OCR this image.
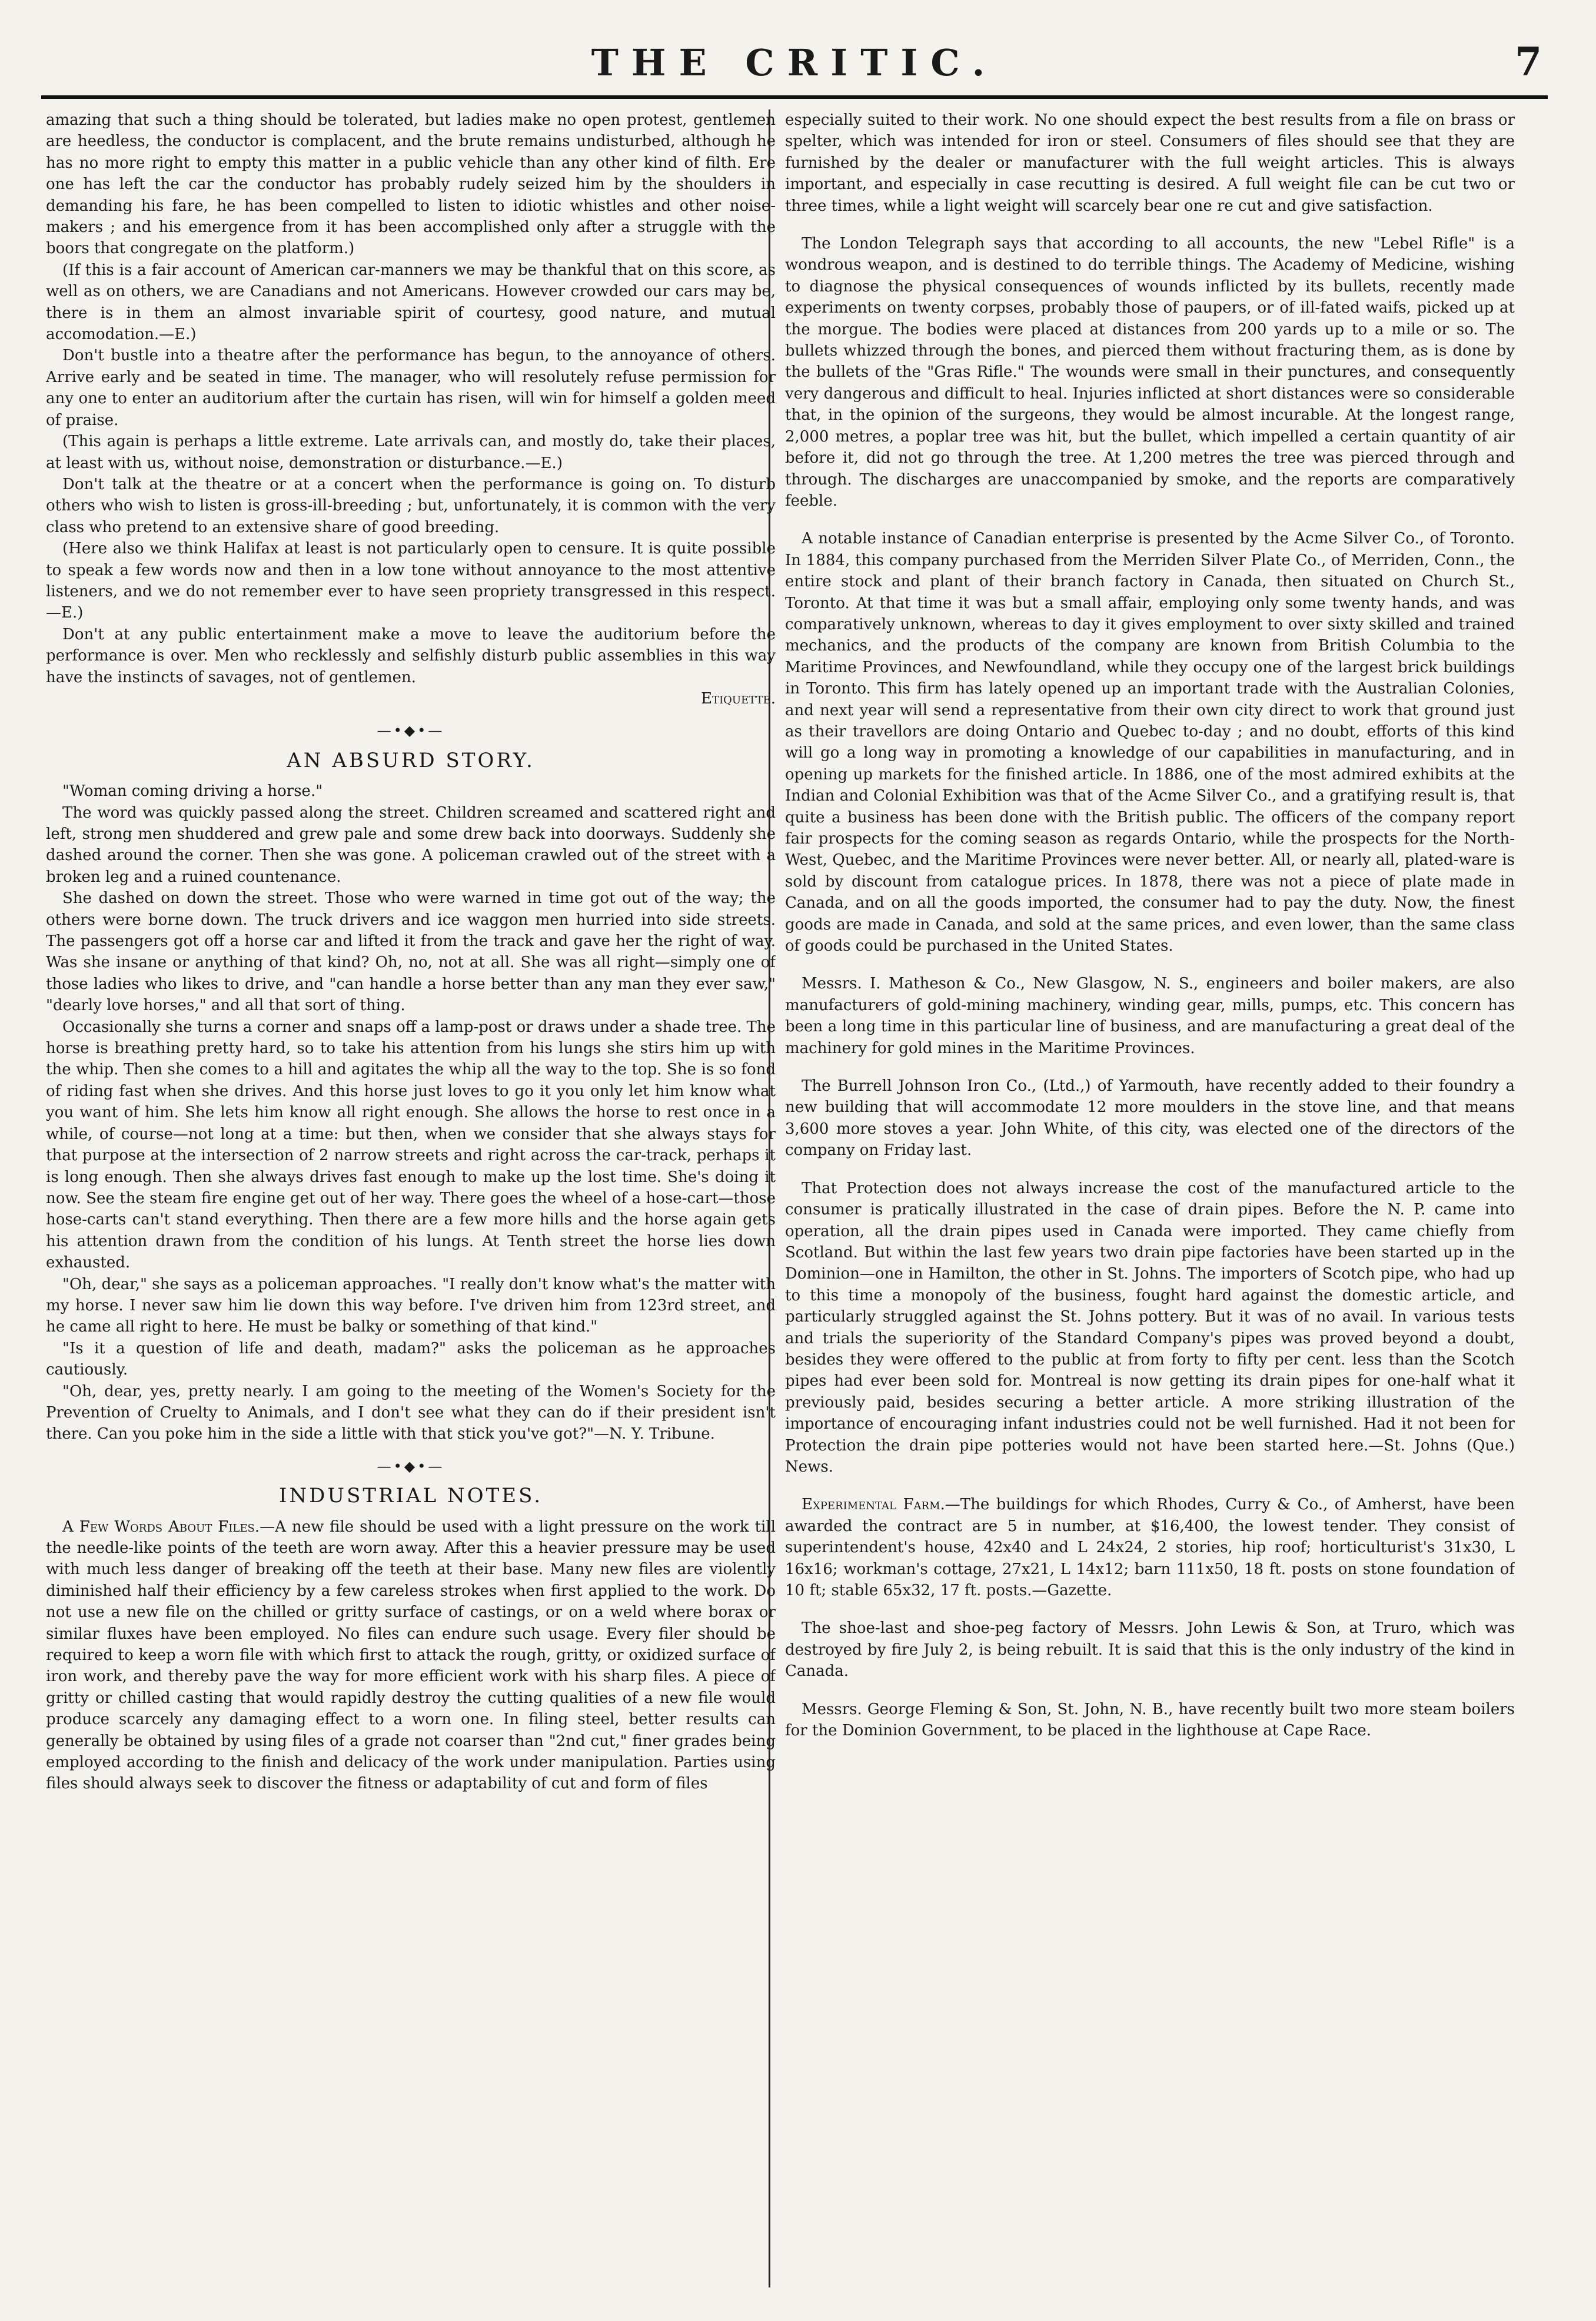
THE CRITIC.	7

amazing that such a thing should be tolerated, but ladies make no open protest, gentlemen are heedless, the conductor is complacent, and the brute remains undisturbed, although he has no more right to empty this matter in a public vehicle than any other kind of filth. Ere one has left the car the conductor has probably rudely seized him by the shoulders in demanding his fare, he has been compelled to listen to idiotic whistles and other noise-makers ; and his emergence from it has been accomplished only after a struggle with the boors that congregate on the platform.)

(If this is a fair account of American car-manners we may be thankful that on this score, as well as on others, we are Canadians and not Americans. However crowded our cars may be, there is in them an almost invariable spirit of courtesy, good nature, and mutual accomodation.—E.)

Don't bustle into a theatre after the performance has begun, to the annoyance of others. Arrive early and be seated in time. The manager, who will resolutely refuse permission for any one to enter an auditorium after the curtain has risen, will win for himself a golden meed of praise.

(This again is perhaps a little extreme. Late arrivals can, and mostly do, take their places, at least with us, without noise, demonstration or disturbance.—E.)

Don't talk at the theatre or at a concert when the performance is going on. To disturb others who wish to listen is gross-ill-breeding ; but, unfortunately, it is common with the very class who pretend to an extensive share of good breeding.

(Here also we think Halifax at least is not particularly open to censure. It is quite possible to speak a few words now and then in a low tone without annoyance to the most attentive listeners, and we do not remember ever to have seen propriety transgressed in this respect.—E.)

Don't at any public entertainment make a move to leave the auditorium before the performance is over. Men who recklessly and selfishly disturb public assemblies in this way have the instincts of savages, not of gentlemen.

Etiquette.

—•◆•—
AN ABSURD STORY.

"Woman coming driving a horse."

The word was quickly passed along the street. Children screamed and scattered right and left, strong men shuddered and grew pale and some drew back into doorways. Suddenly she dashed around the corner. Then she was gone. A policeman crawled out of the street with a broken leg and a ruined countenance.

She dashed on down the street. Those who were warned in time got out of the way; the others were borne down. The truck drivers and ice waggon men hurried into side streets. The passengers got off a horse car and lifted it from the track and gave her the right of way. Was she insane or anything of that kind? Oh, no, not at all. She was all right—simply one of those ladies who likes to drive, and "can handle a horse better than any man they ever saw," "dearly love horses," and all that sort of thing.

Occasionally she turns a corner and snaps off a lamp-post or draws under a shade tree. The horse is breathing pretty hard, so to take his attention from his lungs she stirs him up with the whip. Then she comes to a hill and agitates the whip all the way to the top. She is so fond of riding fast when she drives. And this horse just loves to go it you only let him know what you want of him. She lets him know all right enough. She allows the horse to rest once in a while, of course—not long at a time: but then, when we consider that she always stays for that purpose at the intersection of 2 narrow streets and right across the car-track, perhaps it is long enough. Then she always drives fast enough to make up the lost time. She's doing it now. See the steam fire engine get out of her way. There goes the wheel of a hose-cart—those hose-carts can't stand everything. Then there are a few more hills and the horse again gets his attention drawn from the condition of his lungs. At Tenth street the horse lies down exhausted.

"Oh, dear," she says as a policeman approaches. "I really don't know what's the matter with my horse. I never saw him lie down this way before. I've driven him from 123rd street, and he came all right to here. He must be balky or something of that kind."

"Is it a question of life and death, madam?" asks the policeman as he approaches cautiously.

"Oh, dear, yes, pretty nearly. I am going to the meeting of the Women's Society for the Prevention of Cruelty to Animals, and I don't see what they can do if their president isn't there. Can you poke him in the side a little with that stick you've got?"—N. Y. Tribune.

—•◆•—
INDUSTRIAL NOTES.

A Few Words About Files.—A new file should be used with a light pressure on the work till the needle-like points of the teeth are worn away. After this a heavier pressure may be used with much less danger of breaking off the teeth at their base. Many new files are violently diminished half their efficiency by a few careless strokes when first applied to the work. Do not use a new file on the chilled or gritty surface of castings, or on a weld where borax or similar fluxes have been employed. No files can endure such usage. Every filer should be required to keep a worn file with which first to attack the rough, gritty, or oxidized surface of iron work, and thereby pave the way for more efficient work with his sharp files. A piece of gritty or chilled casting that would rapidly destroy the cutting qualities of a new file would produce scarcely any damaging effect to a worn one. In filing steel, better results can generally be obtained by using files of a grade not coarser than "2nd cut," finer grades being employed according to the finish and delicacy of the work under manipulation. Parties using files should always seek to discover the fitness or adaptability of cut and form of files

especially suited to their work. No one should expect the best results from a file on brass or spelter, which was intended for iron or steel. Consumers of files should see that they are furnished by the dealer or manufacturer with the full weight articles. This is always important, and especially in case recutting is desired. A full weight file can be cut two or three times, while a light weight will scarcely bear one re cut and give satisfaction.

The London Telegraph says that according to all accounts, the new "Lebel Rifle" is a wondrous weapon, and is destined to do terrible things. The Academy of Medicine, wishing to diagnose the physical consequences of wounds inflicted by its bullets, recently made experiments on twenty corpses, probably those of paupers, or of ill-fated waifs, picked up at the morgue. The bodies were placed at distances from 200 yards up to a mile or so. The bullets whizzed through the bones, and pierced them without fracturing them, as is done by the bullets of the "Gras Rifle." The wounds were small in their punctures, and consequently very dangerous and difficult to heal. Injuries inflicted at short distances were so considerable that, in the opinion of the surgeons, they would be almost incurable. At the longest range, 2,000 metres, a poplar tree was hit, but the bullet, which impelled a certain quantity of air before it, did not go through the tree. At 1,200 metres the tree was pierced through and through. The discharges are unaccompanied by smoke, and the reports are comparatively feeble.

A notable instance of Canadian enterprise is presented by the Acme Silver Co., of Toronto. In 1884, this company purchased from the Merriden Silver Plate Co., of Merriden, Conn., the entire stock and plant of their branch factory in Canada, then situated on Church St., Toronto. At that time it was but a small affair, employing only some twenty hands, and was comparatively unknown, whereas to day it gives employment to over sixty skilled and trained mechanics, and the products of the company are known from British Columbia to the Maritime Provinces, and Newfoundland, while they occupy one of the largest brick buildings in Toronto. This firm has lately opened up an important trade with the Australian Colonies, and next year will send a representative from their own city direct to work that ground just as their travellors are doing Ontario and Quebec to-day ; and no doubt, efforts of this kind will go a long way in promoting a knowledge of our capabilities in manufacturing, and in opening up markets for the finished article. In 1886, one of the most admired exhibits at the Indian and Colonial Exhibition was that of the Acme Silver Co., and a gratifying result is, that quite a business has been done with the British public. The officers of the company report fair prospects for the coming season as regards Ontario, while the prospects for the North-West, Quebec, and the Maritime Provinces were never better. All, or nearly all, plated-ware is sold by discount from catalogue prices. In 1878, there was not a piece of plate made in Canada, and on all the goods imported, the consumer had to pay the duty. Now, the finest goods are made in Canada, and sold at the same prices, and even lower, than the same class of goods could be purchased in the United States.

Messrs. I. Matheson & Co., New Glasgow, N. S., engineers and boiler makers, are also manufacturers of gold-mining machinery, winding gear, mills, pumps, etc. This concern has been a long time in this particular line of business, and are manufacturing a great deal of the machinery for gold mines in the Maritime Provinces.

The Burrell Johnson Iron Co., (Ltd.,) of Yarmouth, have recently added to their foundry a new building that will accommodate 12 more moulders in the stove line, and that means 3,600 more stoves a year. John White, of this city, was elected one of the directors of the company on Friday last.

That Protection does not always increase the cost of the manufactured article to the consumer is pratically illustrated in the case of drain pipes. Before the N. P. came into operation, all the drain pipes used in Canada were imported. They came chiefly from Scotland. But within the last few years two drain pipe factories have been started up in the Dominion—one in Hamilton, the other in St. Johns. The importers of Scotch pipe, who had up to this time a monopoly of the business, fought hard against the domestic article, and particularly struggled against the St. Johns pottery. But it was of no avail. In various tests and trials the superiority of the Standard Company's pipes was proved beyond a doubt, besides they were offered to the public at from forty to fifty per cent. less than the Scotch pipes had ever been sold for. Montreal is now getting its drain pipes for one-half what it previously paid, besides securing a better article. A more striking illustration of the importance of encouraging infant industries could not be well furnished. Had it not been for Protection the drain pipe potteries would not have been started here.—St. Johns (Que.) News.

Experimental Farm.—The buildings for which Rhodes, Curry & Co., of Amherst, have been awarded the contract are 5 in number, at $16,400, the lowest tender. They consist of superintendent's house, 42x40 and L 24x24, 2 stories, hip roof; horticulturist's 31x30, L 16x16; workman's cottage, 27x21, L 14x12; barn 111x50, 18 ft. posts on stone foundation of 10 ft; stable 65x32, 17 ft. posts.—Gazette.

The shoe-last and shoe-peg factory of Messrs. John Lewis & Son, at Truro, which was destroyed by fire July 2, is being rebuilt. It is said that this is the only industry of the kind in Canada.

Messrs. George Fleming & Son, St. John, N. B., have recently built two more steam boilers for the Dominion Government, to be placed in the lighthouse at Cape Race.
